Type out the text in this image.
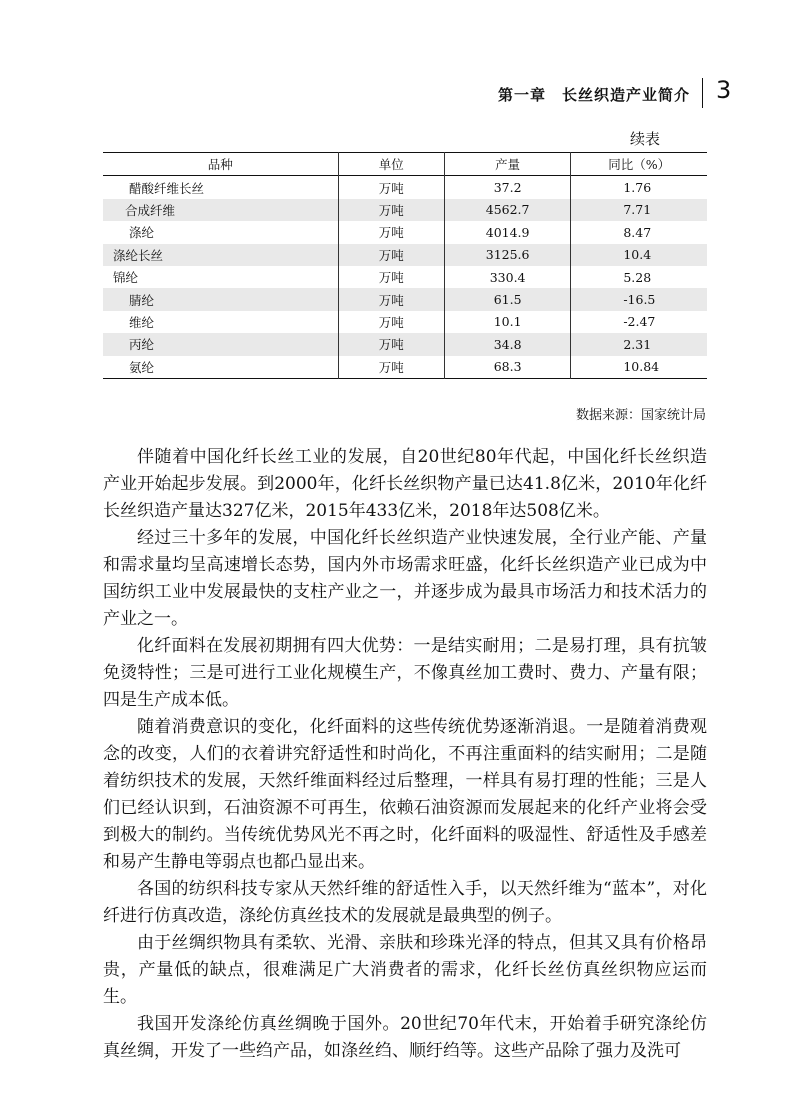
第一章　长丝织造产业简介 3
续表
品种	单位	产量	同比（%）
醋酸纤维长丝	万吨	37.2	1.76
合成纤维	万吨	4562.7	7.71
涤纶	万吨	4014.9	8.47
涤纶长丝	万吨	3125.6	10.4
锦纶	万吨	330.4	5.28
腈纶	万吨	61.5	-16.5
维纶	万吨	10.1	-2.47
丙纶	万吨	34.8	2.31
氨纶	万吨	68.3	10.84
数据来源：国家统计局

伴随着中国化纤长丝工业的发展，自20世纪80年代起，中国化纤长丝织造产业开始起步发展。到2000年，化纤长丝织物产量已达41.8亿米，2010年化纤长丝织造产量达327亿米，2015年433亿米，2018年达508亿米。

经过三十多年的发展，中国化纤长丝织造产业快速发展，全行业产能、产量和需求量均呈高速增长态势，国内外市场需求旺盛，化纤长丝织造产业已成为中国纺织工业中发展最快的支柱产业之一，并逐步成为最具市场活力和技术活力的产业之一。

化纤面料在发展初期拥有四大优势：一是结实耐用；二是易打理，具有抗皱免烫特性；三是可进行工业化规模生产，不像真丝加工费时、费力、产量有限；四是生产成本低。

随着消费意识的变化，化纤面料的这些传统优势逐渐消退。一是随着消费观念的改变，人们的衣着讲究舒适性和时尚化，不再注重面料的结实耐用；二是随着纺织技术的发展，天然纤维面料经过后整理，一样具有易打理的性能；三是人们已经认识到，石油资源不可再生，依赖石油资源而发展起来的化纤产业将会受到极大的制约。当传统优势风光不再之时，化纤面料的吸湿性、舒适性及手感差和易产生静电等弱点也都凸显出来。

各国的纺织科技专家从天然纤维的舒适性入手，以天然纤维为“蓝本”，对化纤进行仿真改造，涤纶仿真丝技术的发展就是最典型的例子。

由于丝绸织物具有柔软、光滑、亲肤和珍珠光泽的特点，但其又具有价格昂贵，产量低的缺点，很难满足广大消费者的需求，化纤长丝仿真丝织物应运而生。

我国开发涤纶仿真丝绸晚于国外。20世纪70年代末，开始着手研究涤纶仿真丝绸，开发了一些绉产品，如涤丝绉、顺纡绉等。这些产品除了强力及洗可
